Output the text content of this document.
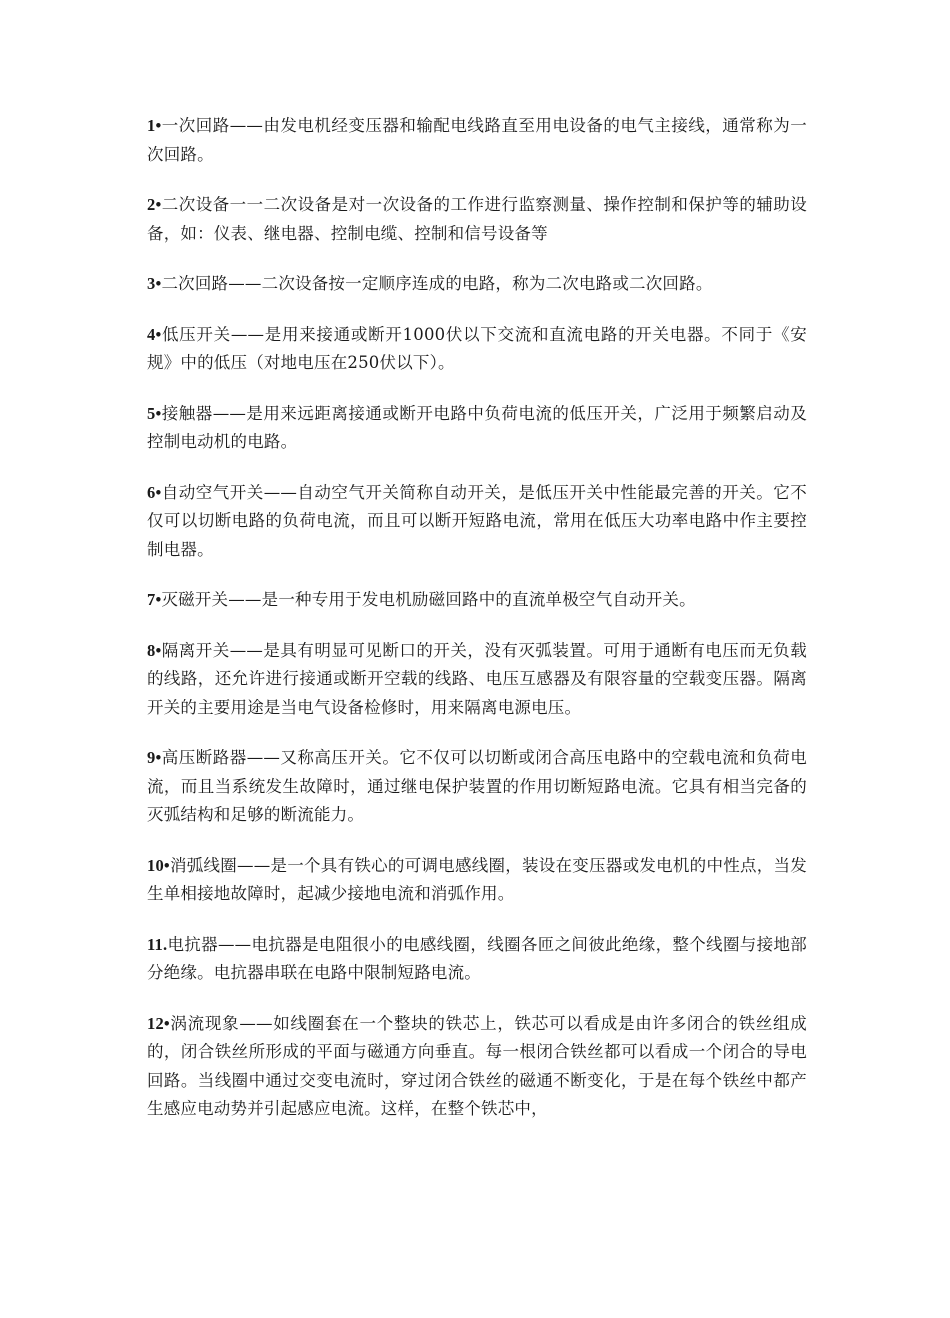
1•一次回路——由发电机经变压器和输配电线路直至用电设备的电气主接线，通常称为一次回路。

2•二次设备一一二次设备是对一次设备的工作进行监察测量、操作控制和保护等的辅助设备，如：仪表、继电器、控制电缆、控制和信号设备等

3•二次回路——二次设备按一定顺序连成的电路，称为二次电路或二次回路。

4•低压开关——是用来接通或断开1000伏以下交流和直流电路的开关电器。不同于《安规》中的低压（对地电压在250伏以下）。

5•接触器——是用来远距离接通或断开电路中负荷电流的低压开关，广泛用于频繁启动及控制电动机的电路。

6•自动空气开关——自动空气开关简称自动开关，是低压开关中性能最完善的开关。它不仅可以切断电路的负荷电流，而且可以断开短路电流，常用在低压大功率电路中作主要控制电器。

7•灭磁开关——是一种专用于发电机励磁回路中的直流单极空气自动开关。

8•隔离开关——是具有明显可见断口的开关，没有灭弧装置。可用于通断有电压而无负载的线路，还允许进行接通或断开空载的线路、电压互感器及有限容量的空载变压器。隔离开关的主要用途是当电气设备检修时，用来隔离电源电压。

9•高压断路器——又称高压开关。它不仅可以切断或闭合高压电路中的空载电流和负荷电流，而且当系统发生故障时，通过继电保护装置的作用切断短路电流。它具有相当完备的灭弧结构和足够的断流能力。

10•消弧线圈——是一个具有铁心的可调电感线圈，装设在变压器或发电机的中性点，当发生单相接地故障时，起减少接地电流和消弧作用。

11.电抗器——电抗器是电阻很小的电感线圈，线圈各匝之间彼此绝缘，整个线圈与接地部分绝缘。电抗器串联在电路中限制短路电流。

12•涡流现象——如线圈套在一个整块的铁芯上，铁芯可以看成是由许多闭合的铁丝组成的，闭合铁丝所形成的平面与磁通方向垂直。每一根闭合铁丝都可以看成一个闭合的导电回路。当线圈中通过交变电流时，穿过闭合铁丝的磁通不断变化，于是在每个铁丝中都产生感应电动势并引起感应电流。这样，在整个铁芯中，
